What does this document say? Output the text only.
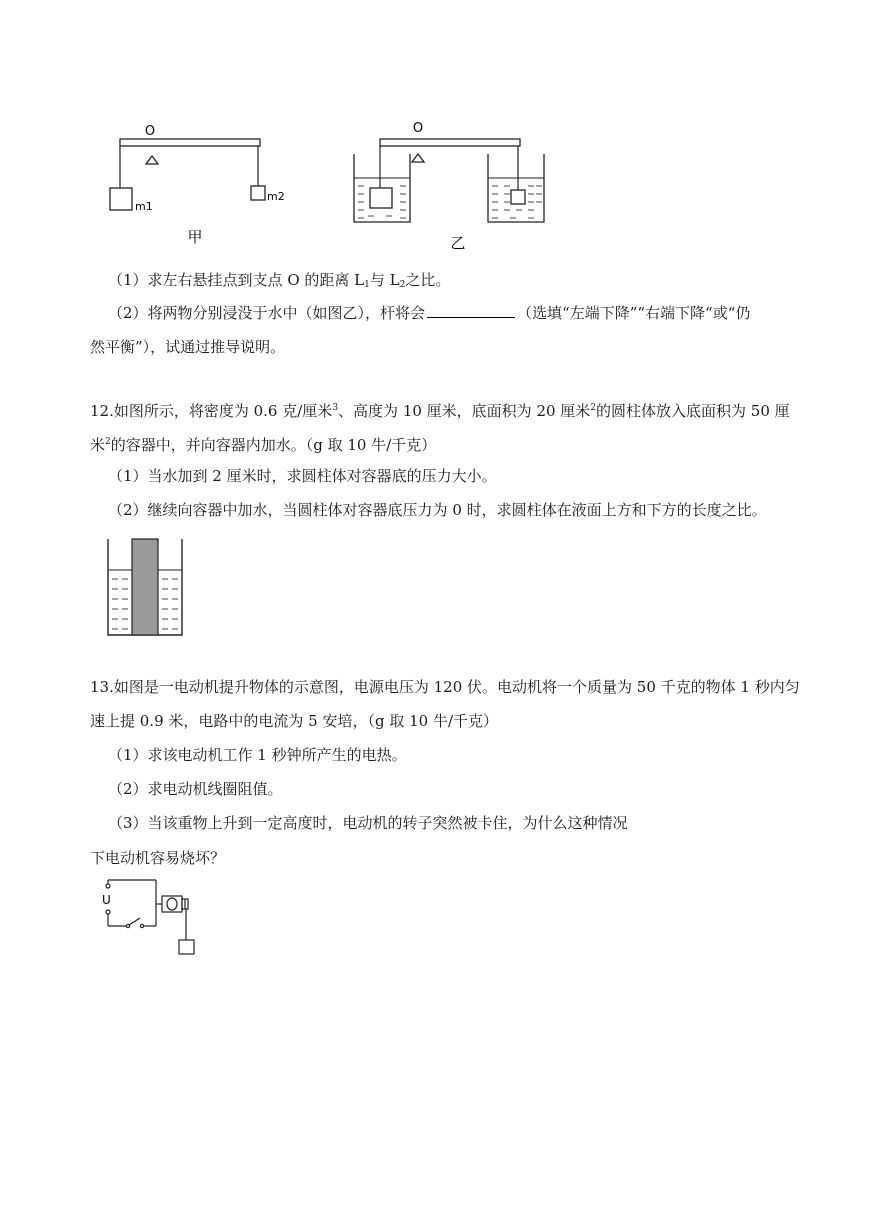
O
m1
m2
甲
O
乙
（1）求左右悬挂点到支点 O 的距离 $L_1$与 $L_2$之比。
（2）将两物分别浸没于水中（如图乙），杆将会	（选填“左端下降”“右端下降“或“仍
然平衡”），试通过推导说明。
12.如图所示，将密度为 0.6 克/厘米$^3$、高度为 10 厘米，底面积为 20 厘米$^2$的圆柱体放入底面积为 50 厘
米$^2$的容器中，并向容器内加水。（g 取 10 牛/千克）
（1）当水加到 2 厘米时，求圆柱体对容器底的压力大小。
（2）继续向容器中加水，当圆柱体对容器底压力为 0 时，求圆柱体在液面上方和下方的长度之比。
13.如图是一电动机提升物体的示意图，电源电压为 120 伏。电动机将一个质量为 50 千克的物体 1 秒内匀
速上提 0.9 米，电路中的电流为 5 安培，（g 取 10 牛/千克）
（1）求该电动机工作 1 秒钟所产生的电热。
（2）求电动机线圈阻值。
（3）当该重物上升到一定高度时，电动机的转子突然被卡住，为什么这种情况
下电动机容易烧坏？
U
